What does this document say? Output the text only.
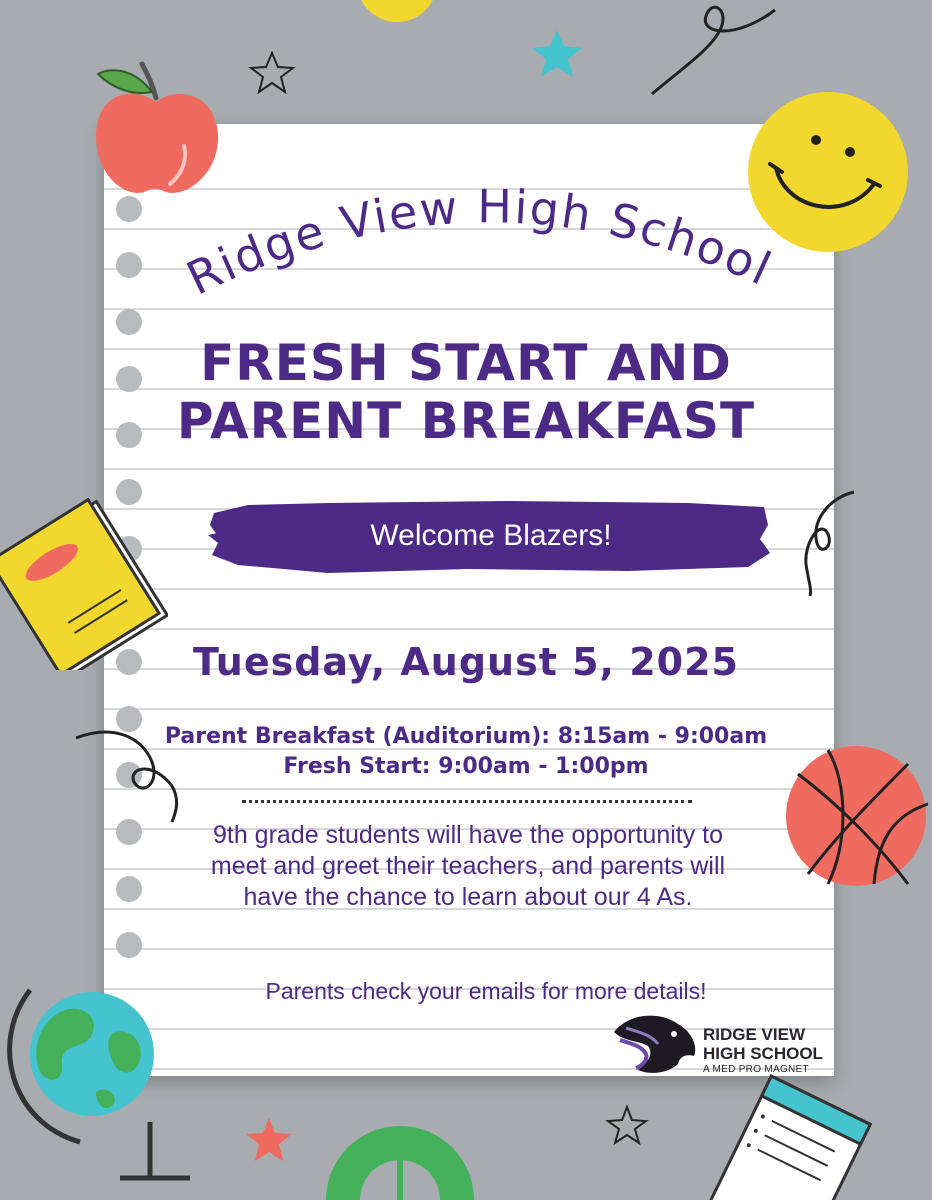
Ridge View High School
FRESH START AND
PARENT BREAKFAST
Welcome Blazers!
Tuesday, August 5, 2025
Parent Breakfast (Auditorium): 8:15am - 9:00am
Fresh Start: 9:00am - 1:00pm
9th grade students will have the opportunity to meet and greet their teachers, and parents will have the chance to learn about our 4 As.
Parents check your emails for more details!
RIDGE VIEW
HIGH SCHOOL
A MED PRO MAGNET
